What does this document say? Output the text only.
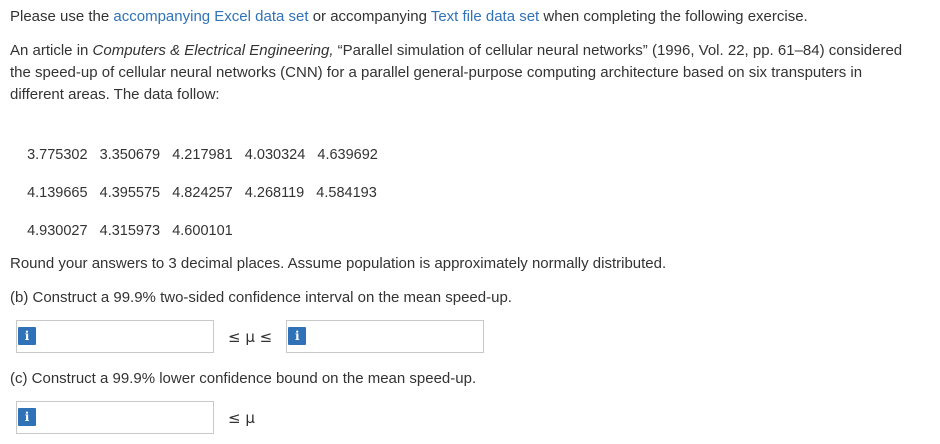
Please use the accompanying Excel data set or accompanying Text file data set when completing the following exercise.
An article in Computers & Electrical Engineering, “Parallel simulation of cellular neural networks” (1996, Vol. 22, pp. 61–84) considered
the speed-up of cellular neural networks (CNN) for a parallel general-purpose computing architecture based on six transputers in
different areas. The data follow:

3.775302 3.350679 4.217981 4.030324 4.639692

4.139665 4.395575 4.824257 4.268119 4.584193

4.930027 4.315973 4.600101

Round your answers to 3 decimal places. Assume population is approximately normally distributed.
(b) Construct a 99.9% two-sided confidence interval on the mean speed-up.
i	≤ μ ≤	i
(c) Construct a 99.9% lower confidence bound on the mean speed-up.
i	≤ μ
